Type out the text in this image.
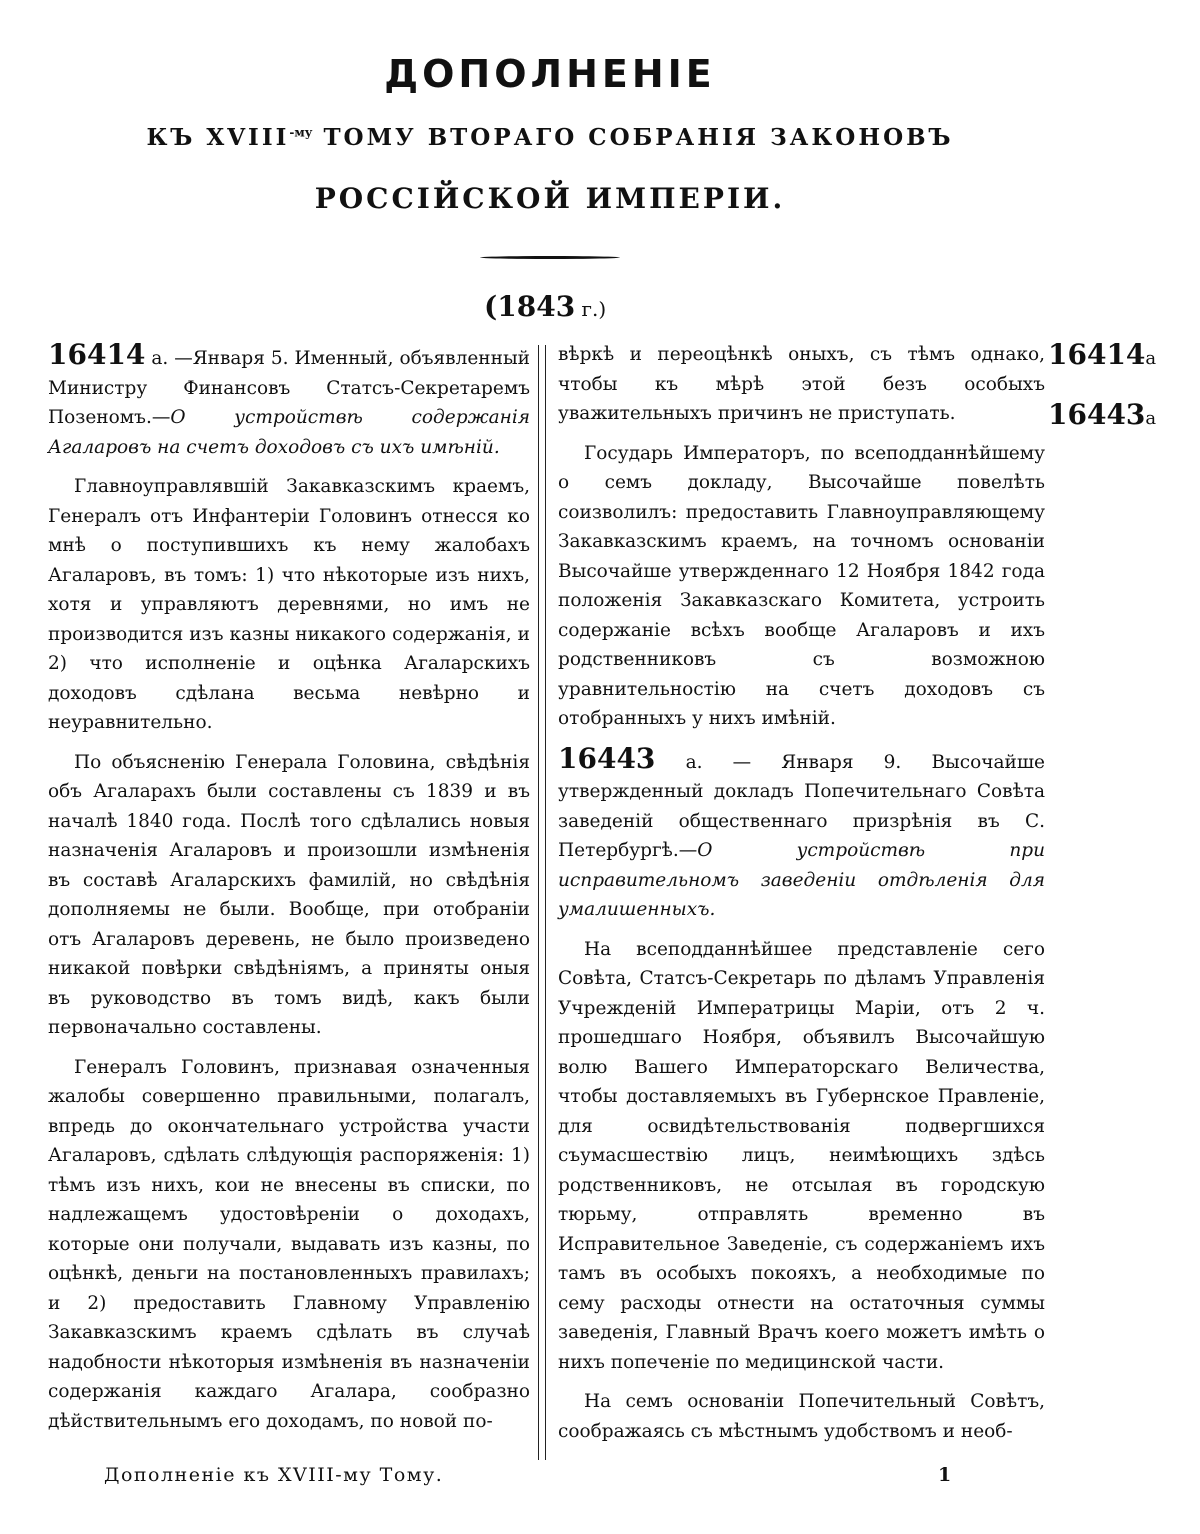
ДОПОЛНЕНІЕ
КЪ $XVIII^{-му}$ ТОМУ ВТОРАГО СОБРАНІЯ ЗАКОНОВЪ
РОССІЙСКОЙ ИМПЕРІИ.
(1843 г.)

16414 а. —Января 5. Именный, объявленный Министру Финансовъ Статсъ-Секретаремъ Позеномъ.—О устройствѣ содержанія Агаларовъ на счетъ доходовъ съ ихъ имѣній.

Главноуправлявшій Закавказскимъ краемъ, Генералъ отъ Инфантеріи Головинъ отнесся ко мнѣ о поступившихъ къ нему жалобахъ Агаларовъ, въ томъ: 1) что нѣкоторые изъ нихъ, хотя и управляютъ деревнями, но имъ не производится изъ казны никакого содержанія, и 2) что исполненіе и оцѣнка Агаларскихъ доходовъ сдѣлана весьма невѣрно и неуравнительно.

По объясненію Генерала Головина, свѣдѣнія объ Агаларахъ были составлены съ 1839 и въ началѣ 1840 года. Послѣ того сдѣлались новыя назначенія Агаларовъ и произошли измѣненія въ составѣ Агаларскихъ фамилій, но свѣдѣнія дополняемы не были. Вообще, при отобраніи отъ Агаларовъ деревень, не было произведено никакой повѣрки свѣдѣніямъ, а приняты оныя въ руководство въ томъ видѣ, какъ были первоначально составлены.

Генералъ Головинъ, признавая означенныя жалобы совершенно правильными, полагалъ, впредь до окончательнаго устройства участи Агаларовъ, сдѣлать слѣдующія распоряженія: 1) тѣмъ изъ нихъ, кои не внесены въ списки, по надлежащемъ удостовѣреніи о доходахъ, которые они получали, выдавать изъ казны, по оцѣнкѣ, деньги на постановленныхъ правилахъ; и 2) предоставить Главному Управленію Закавказскимъ краемъ сдѣлать въ случаѣ надобности нѣкоторыя измѣненія въ назначеніи содержанія каждаго Агалара, сообразно дѣйствительнымъ его доходамъ, по новой по-

вѣркѣ и переоцѣнкѣ оныхъ, съ тѣмъ однако, чтобы къ мѣрѣ этой безъ особыхъ уважительныхъ причинъ не приступать.

Государь Императоръ, по всеподданнѣйшему о семъ докладу, Высочайше повелѣть соизволилъ: предоставить Главноуправляющему Закавказскимъ краемъ, на точномъ основаніи Высочайше утвержденнаго 12 Ноября 1842 года положенія Закавказскаго Комитета, устроить содержаніе всѣхъ вообще Агаларовъ и ихъ родственниковъ съ возможною уравнительностію на счетъ доходовъ съ отобранныхъ у нихъ имѣній.

16443 а. — Января 9. Высочайше утвержденный докладъ Попечительнаго Совѣта заведеній общественнаго призрѣнія въ С. Петербургѣ.—О устройствѣ при исправительномъ заведеніи отдѣленія для умалишенныхъ.

На всеподданнѣйшее представленіе сего Совѣта, Статсъ-Секретарь по дѣламъ Управленія Учрежденій Императрицы Маріи, отъ 2 ч. прошедшаго Ноября, объявилъ Высочайшую волю Вашего Императорскаго Величества, чтобы доставляемыхъ въ Губернское Правленіе, для освидѣтельствованія подвергшихся съумасшествію лицъ, неимѣющихъ здѣсь родственниковъ, не отсылая въ городскую тюрьму, отправлять временно въ Исправительное Заведеніе, съ содержаніемъ ихъ тамъ въ особыхъ покояхъ, а необходимые по сему расходы отнести на остаточныя суммы заведенія, Главный Врачъ коего можетъ имѣть о нихъ попеченіе по медицинской части.

На семъ основаніи Попечительный Совѣтъ, соображаясь съ мѣстнымъ удобствомъ и необ-

16414а
16443а
Дополненіе къ XVIII-му Тому.	1
